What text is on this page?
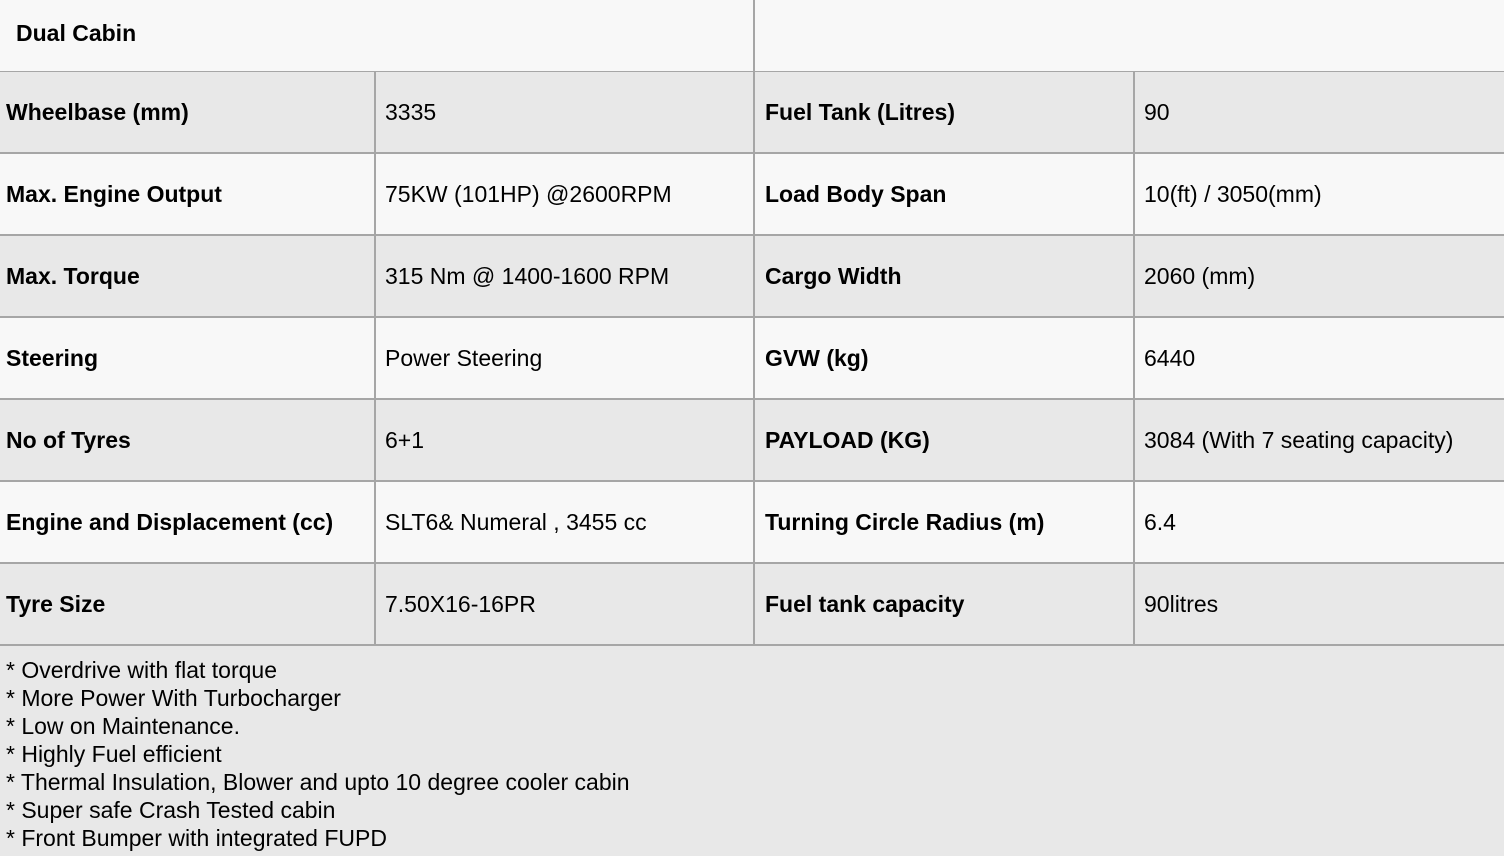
Dual Cabin
Wheelbase (mm)	3335	Fuel Tank (Litres)	90
Max. Engine Output	75KW (101HP) @2600RPM	Load Body Span	10(ft) / 3050(mm)
Max. Torque	315 Nm @ 1400-1600 RPM	Cargo Width	2060 (mm)
Steering	Power Steering	GVW (kg)	6440
No of Tyres	6+1	PAYLOAD (KG)	3084 (With 7 seating capacity)
Engine and Displacement (cc)	SLT6& Numeral , 3455 cc	Turning Circle Radius (m)	6.4
Tyre Size	7.50X16-16PR	Fuel tank capacity	90litres
* Overdrive with flat torque
* More Power With Turbocharger
* Low on Maintenance.
* Highly Fuel efficient
* Thermal Insulation, Blower and upto 10 degree cooler cabin
* Super safe Crash Tested cabin
* Front Bumper with integrated FUPD
